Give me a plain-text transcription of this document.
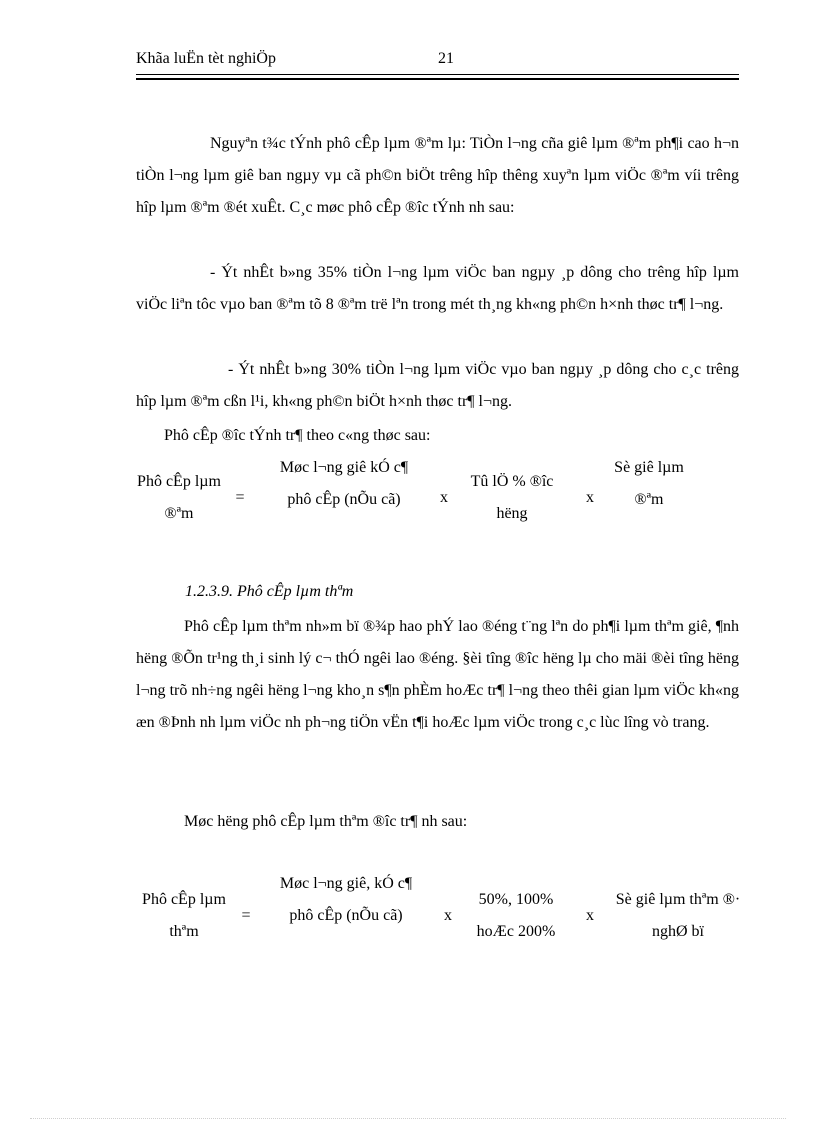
Khãa luËn tèt nghiÖp	21
Nguyªn t¾c tÝnh phô cÊp lµm ®ªm lµ: TiÒn l¬ng cña giê lµm ®ªm ph¶i cao h¬n tiÒn l¬ng lµm giê ban ngµy vµ cã ph©n biÖt trêng hîp thêng xuyªn lµm viÖc ®ªm víi trêng hîp lµm ®ªm ®ét xuÊt. C¸c møc phô cÊp ®îc tÝnh nh sau:
- Ýt nhÊt b»ng 35% tiÒn l¬ng lµm viÖc ban ngµy ¸p dông cho trêng hîp lµm viÖc liªn tôc vµo ban ®ªm tõ 8 ®ªm trë lªn trong mét th¸ng kh«ng ph©n h×nh thøc tr¶ l¬ng.
- Ýt nhÊt b»ng 30% tiÒn l¬ng lµm viÖc vµo ban ngµy ¸p dông cho c¸c trêng hîp lµm ®ªm cßn l¹i, kh«ng ph©n biÖt h×nh thøc tr¶ l¬ng.
Phô cÊp ®îc tÝnh tr¶ theo c«ng thøc sau:
Phô cÊp lµm ®ªm
=
Møc l¬ng giê kÓ c¶ phô cÊp (nÕu cã)	x
Tû lÖ % ®îc hëng
x
Sè giê lµm ®ªm
1.2.3.9. Phô cÊp lµm thªm
Phô cÊp lµm thªm nh»m bï ®¾p hao phÝ lao ®éng t¨ng lªn do ph¶i lµm thªm giê, ¶nh hëng ®Õn tr¹ng th¸i sinh lý c¬ thÓ ngêi lao ®éng. §èi tîng ®îc hëng lµ cho mäi ®èi tîng hëng l¬ng trõ nh÷ng ngêi hëng l¬ng kho¸n s¶n phÈm hoÆc tr¶ l¬ng theo thêi gian lµm viÖc kh«ng æn ®Þnh nh lµm viÖc nh ph¬ng tiÖn vËn t¶i hoÆc lµm viÖc trong c¸c lùc lîng vò trang.
Møc hëng phô cÊp lµm thªm ®îc tr¶ nh sau:
Phô cÊp lµm thªm
=
Møc l¬ng giê, kÓ c¶ phô cÊp (nÕu cã)	x
50%, 100% hoÆc 200%
x
Sè giê lµm thªm ®· nghØ bï
